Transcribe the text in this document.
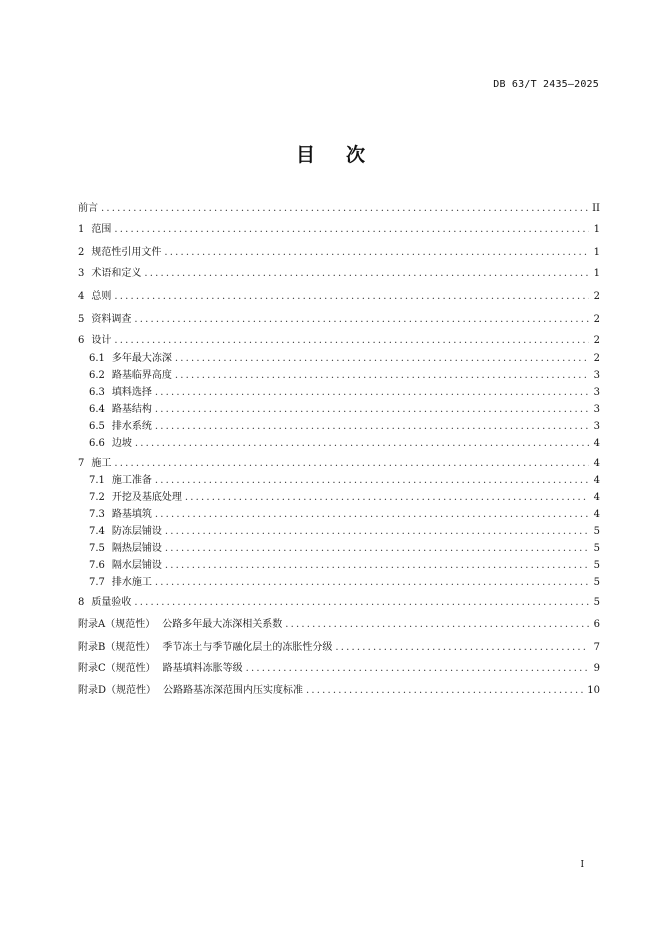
DB 63/T 2435—2025
目 次
前言 .....	II
1 范围 .....	1
2 规范性引用文件 .....	1
3 术语和定义 .....	1
4 总则 .....	2
5 资料调查 .....	2
6 设计 .....	2
6.1 多年最大冻深 .....	2
6.2 路基临界高度 .....	3
6.3 填料选择 .....	3
6.4 路基结构 .....	3
6.5 排水系统 .....	3
6.6 边坡 .....	4
7 施工 .....	4
7.1 施工准备 .....	4
7.2 开挖及基底处理 .....	4
7.3 路基填筑 .....	4
7.4 防冻层铺设 .....	5
7.5 隔热层铺设 .....	5
7.6 隔水层铺设 .....	5
7.7 排水施工 .....	5
8 质量验收 .....	5
附录A（规范性） 公路多年最大冻深相关系数 .....	6
附录B（规范性） 季节冻土与季节融化层土的冻胀性分级 .....	7
附录C（规范性） 路基填料冻胀等级 .....	9
附录D（规范性） 公路路基冻深范围内压实度标准 .....	10
I
